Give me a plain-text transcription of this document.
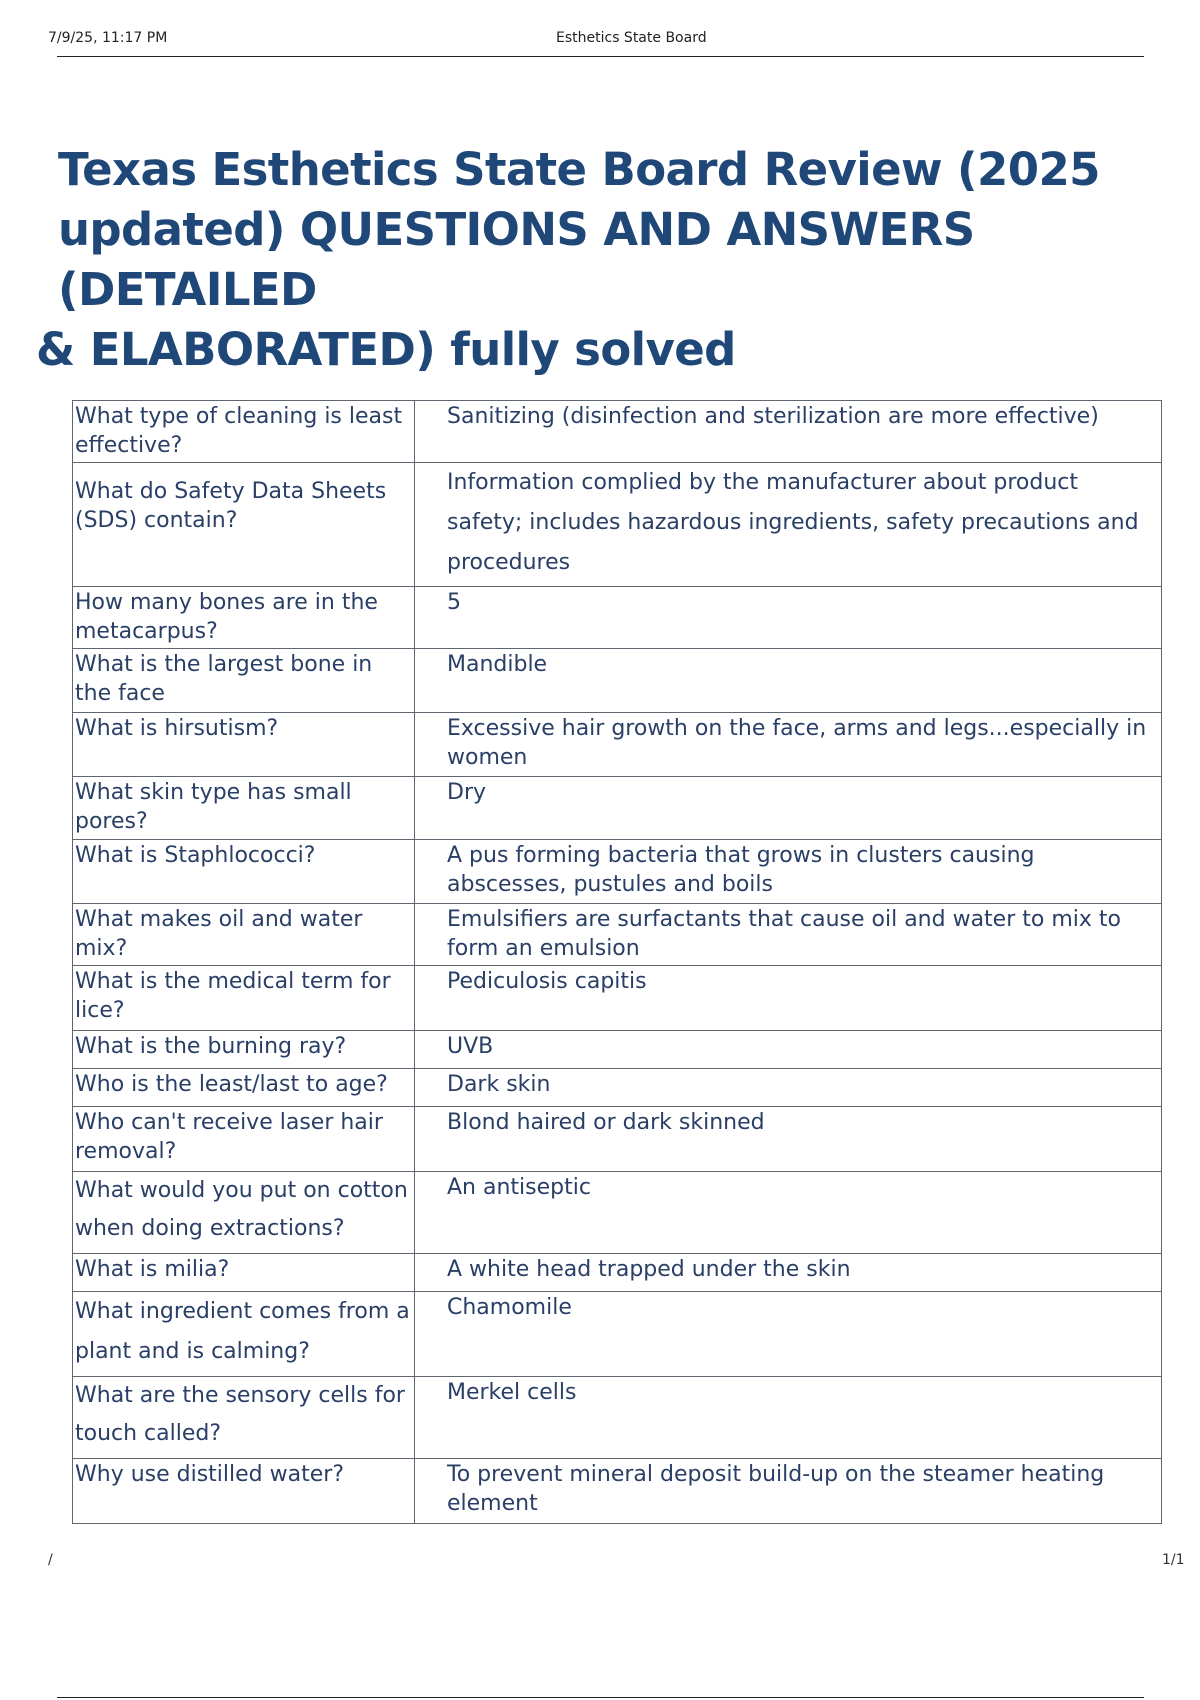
7/9/25, 11:17 PM	Esthetics State Board
Texas Esthetics State Board Review (2025
updated) QUESTIONS AND ANSWERS (DETAILED
& ELABORATED) fully solved
What type of cleaning is least effective?	Sanitizing (disinfection and sterilization are more effective)
What do Safety Data Sheets (SDS) contain?	Information complied by the manufacturer about product safety; includes hazardous ingredients, safety precautions and procedures
How many bones are in the metacarpus?	5
What is the largest bone in the face	Mandible
What is hirsutism?	Excessive hair growth on the face, arms and legs...especially in women
What skin type has small pores?	Dry
What is Staphlococci?	A pus forming bacteria that grows in clusters causing abscesses, pustules and boils
What makes oil and water mix?	Emulsifiers are surfactants that cause oil and water to mix to form an emulsion
What is the medical term for lice?	Pediculosis capitis
What is the burning ray?	UVB
Who is the least/last to age?	Dark skin
Who can't receive laser hair removal?	Blond haired or dark skinned
What would you put on cotton when doing extractions?	An antiseptic
What is milia?	A white head trapped under the skin
What ingredient comes from a plant and is calming?	Chamomile
What are the sensory cells for touch called?	Merkel cells
Why use distilled water?	To prevent mineral deposit build-up on the steamer heating element
/	1/1
